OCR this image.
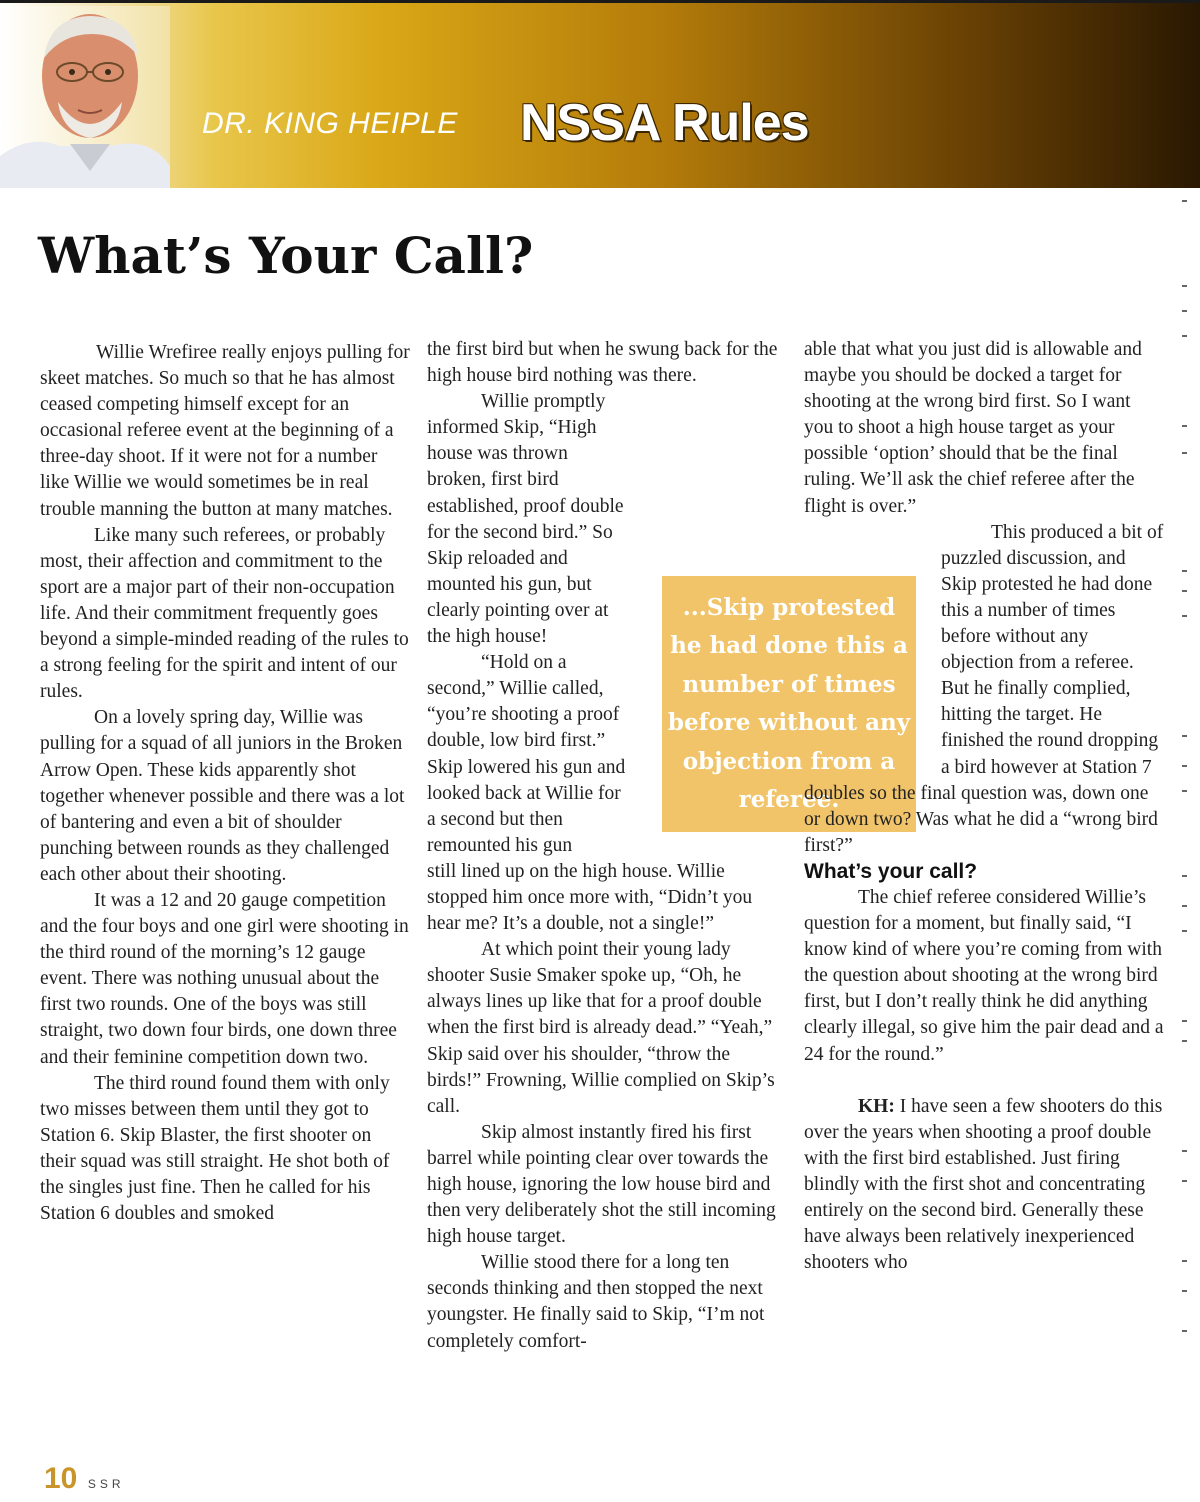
DR. KING HEIPLE NSSA Rules
What’s Your Call?

Willie Wrefiree really enjoys pulling for skeet matches. So much so that he has almost ceased competing himself except for an occasional referee event at the beginning of a three-day shoot. If it were not for a number like Willie we would sometimes be in real trouble manning the button at many matches.

Like many such referees, or probably most, their affection and commitment to the sport are a major part of their non-occupation life. And their commitment frequently goes beyond a simple-minded reading of the rules to a strong feeling for the spirit and intent of our rules.

On a lovely spring day, Willie was pulling for a squad of all juniors in the Broken Arrow Open. These kids apparently shot together whenever possible and there was a lot of bantering and even a bit of shoulder punching between rounds as they challenged each other about their shooting.

It was a 12 and 20 gauge competition and the four boys and one girl were shooting in the third round of the morning’s 12 gauge event. There was nothing unusual about the first two rounds. One of the boys was still straight, two down four birds, one down three and their feminine competition down two.

The third round found them with only two misses between them until they got to Station 6. Skip Blaster, the first shooter on their squad was still straight. He shot both of the singles just fine. Then he called for his Station 6 doubles and smoked

the first bird but when he swung back for the high house bird nothing was there.

Willie promptly informed Skip, “High house was thrown broken, first bird established, proof double for the second bird.” So Skip reloaded and mounted his gun, but clearly pointing over at the high house!

“Hold on a second,” Willie called, “you’re shooting a proof double, low bird first.” Skip lowered his gun and looked back at Willie for a second but then remounted his gun

still lined up on the high house. Willie stopped him once more with, “Didn’t you hear me? It’s a double, not a single!”

At which point their young lady shooter Susie Smaker spoke up, “Oh, he always lines up like that for a proof double when the first bird is already dead.” “Yeah,” Skip said over his shoulder, “throw the birds!” Frowning, Willie complied on Skip’s call.

Skip almost instantly fired his first barrel while pointing clear over towards the high house, ignoring the low house bird and then very deliberately shot the still incoming high house target.

Willie stood there for a long ten seconds thinking and then stopped the next youngster. He finally said to Skip, “I’m not completely comfort-

...Skip protested he had done this a number of times before without any objection from a referee.

able that what you just did is allowable and maybe you should be docked a target for shooting at the wrong bird first. So I want you to shoot a high house target as your possible ‘option’ should that be the final ruling. We’ll ask the chief referee after the flight is over.”

This produced a bit of puzzled discussion, and Skip protested he had done this a number of times before without any objection from a referee. But he finally complied, hitting the target. He finished the round dropping a bird however at Station 7

doubles so the final question was, down one or down two? Was what he did a “wrong bird first?”

What’s your call?

The chief referee considered Willie’s question for a moment, but finally said, “I know kind of where you’re coming from with the question about shooting at the wrong bird first, but I don’t really think he did anything clearly illegal, so give him the pair dead and a 24 for the round.”

KH: I have seen a few shooters do this over the years when shooting a proof double with the first bird established. Just firing blindly with the first shot and concentrating entirely on the second bird. Generally these have always been relatively inexperienced shooters who

10 SSR
